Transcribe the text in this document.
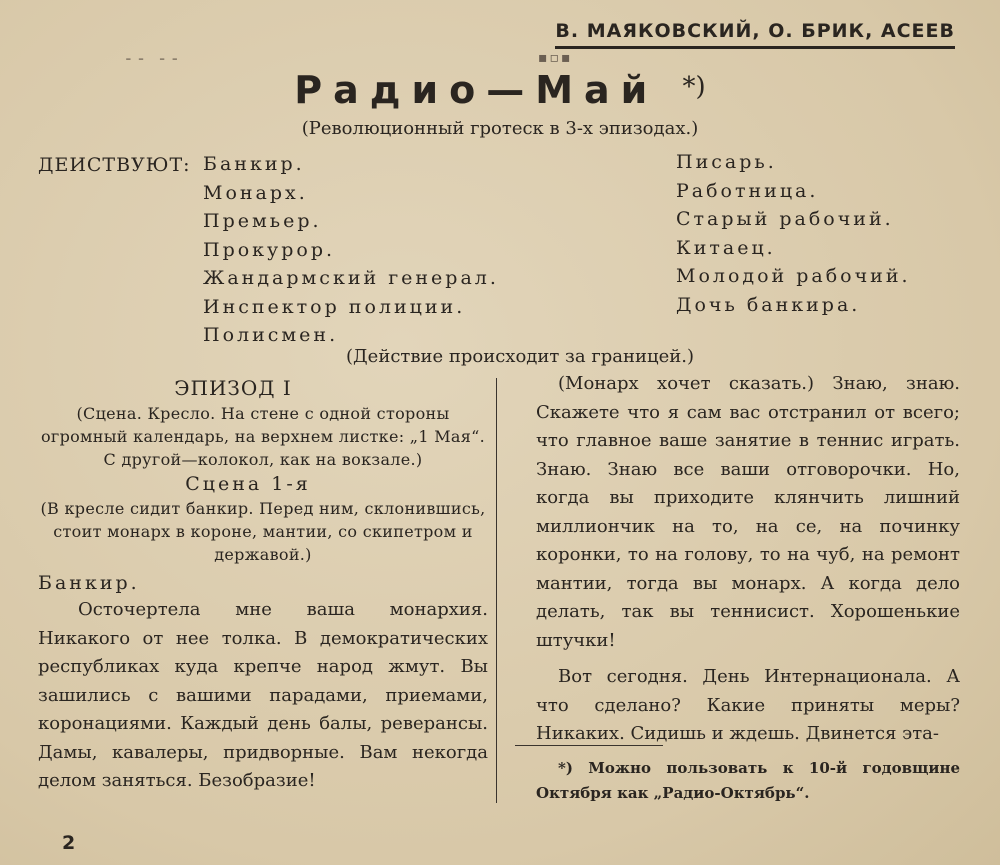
╶ ╴ ╶ ╴	▪▫▪
В. МАЯКОВСКИЙ, О. БРИК, АСЕЕВ
Радио—Май *)
(Революционный гротеск в 3-х эпизодах.)
ДЕИСТВУЮТ: Банкир.
Монарх.
Премьер.
Прокурор.
Жандармский генерал.
Инспектор полиции.
Полисмен.
Писарь.
Работница.
Старый рабочий.
Китаец.
Молодой рабочий.
Дочь банкира.
(Действие происходит за границей.)
ЭПИЗОД I
(Сцена. Кресло. На стене с одной стороны огромный календарь, на верхнем листке: „1 Мая“. С другой—колокол, как на вокзале.)
Сцена 1-я
(В кресле сидит банкир. Перед ним, склонившись, стоит монарх в короне, мантии, со скипетром и державой.)
Банкир.
Осточертела мне ваша монархия. Никакого от нее толка. В демократических республиках куда крепче народ жмут. Вы зашились с вашими парадами, приемами, коронациями. Каждый день балы, реверансы. Дамы, кавалеры, придворные. Вам некогда делом заняться. Безобразие!

(Монарх хочет сказать.) Знаю, знаю. Скажете что я сам вас отстранил от всего; что главное ваше занятие в теннис играть. Знаю. Знаю все ваши отговорочки. Но, когда вы приходите клянчить лишний миллиончик на то, на се, на починку коронки, то на голову, то на чуб, на ремонт мантии, тогда вы монарх. А когда дело делать, так вы теннисист. Хорошенькие штучки!

Вот сегодня. День Интернационала. А что сделано? Какие приняты меры? Никаких. Сидишь и ждешь. Двинется эта-

*) Можно пользовать к 10-й годовщине Октября как „Радио-Октябрь“.
2
